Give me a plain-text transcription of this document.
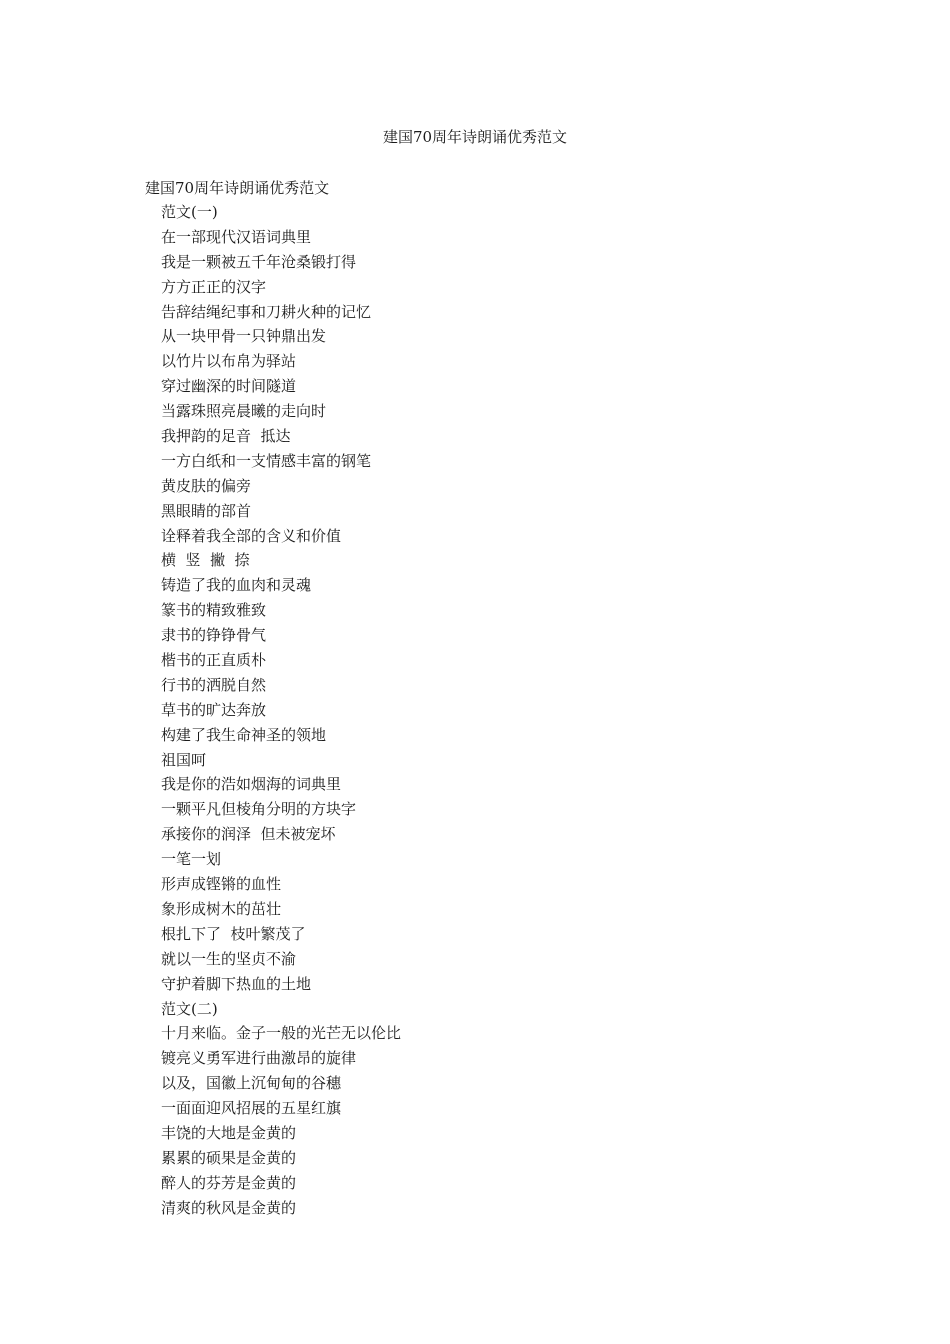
建国70周年诗朗诵优秀范文

建国70周年诗朗诵优秀范文

范文(一)
在一部现代汉语词典里
我是一颗被五千年沧桑锻打得
方方正正的汉字
告辞结绳纪事和刀耕火种的记忆
从一块甲骨一只钟鼎出发
以竹片以布帛为驿站
穿过幽深的时间隧道
当露珠照亮晨曦的走向时
我押韵的足音  抵达
一方白纸和一支情感丰富的钢笔
黄皮肤的偏旁
黑眼睛的部首
诠释着我全部的含义和价值
横  竖  撇  捺
铸造了我的血肉和灵魂
篆书的精致雅致
隶书的铮铮骨气
楷书的正直质朴
行书的洒脱自然
草书的旷达奔放
构建了我生命神圣的领地
祖国呵
我是你的浩如烟海的词典里
一颗平凡但棱角分明的方块字
承接你的润泽  但未被宠坏
一笔一划
形声成铿锵的血性
象形成树木的茁壮
根扎下了  枝叶繁茂了
就以一生的坚贞不渝
守护着脚下热血的土地
范文(二)
十月来临。金子一般的光芒无以伦比
镀亮义勇军进行曲激昂的旋律
以及，国徽上沉甸甸的谷穗
一面面迎风招展的五星红旗
丰饶的大地是金黄的
累累的硕果是金黄的
醉人的芬芳是金黄的
清爽的秋风是金黄的
